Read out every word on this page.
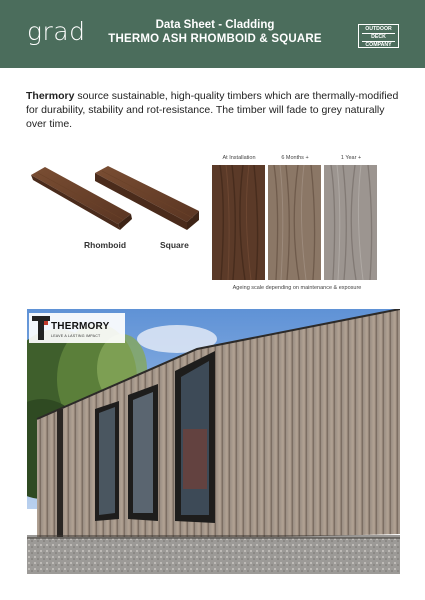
grad	Data Sheet - Cladding
THERMO ASH RHOMBOID & SQUARE
OUTDOOR
DECK
COMPANY

Thermory source sustainable, high-quality timbers which are thermally-modified for durability, stability and rot-resistance. The timber will fade to grey naturally over time.

Rhomboid	Square
At Installation	6 Months +	1 Year +
Ageing scale depending on maintenance & exposure
THERMORY
LEAVE A LASTING IMPACT
